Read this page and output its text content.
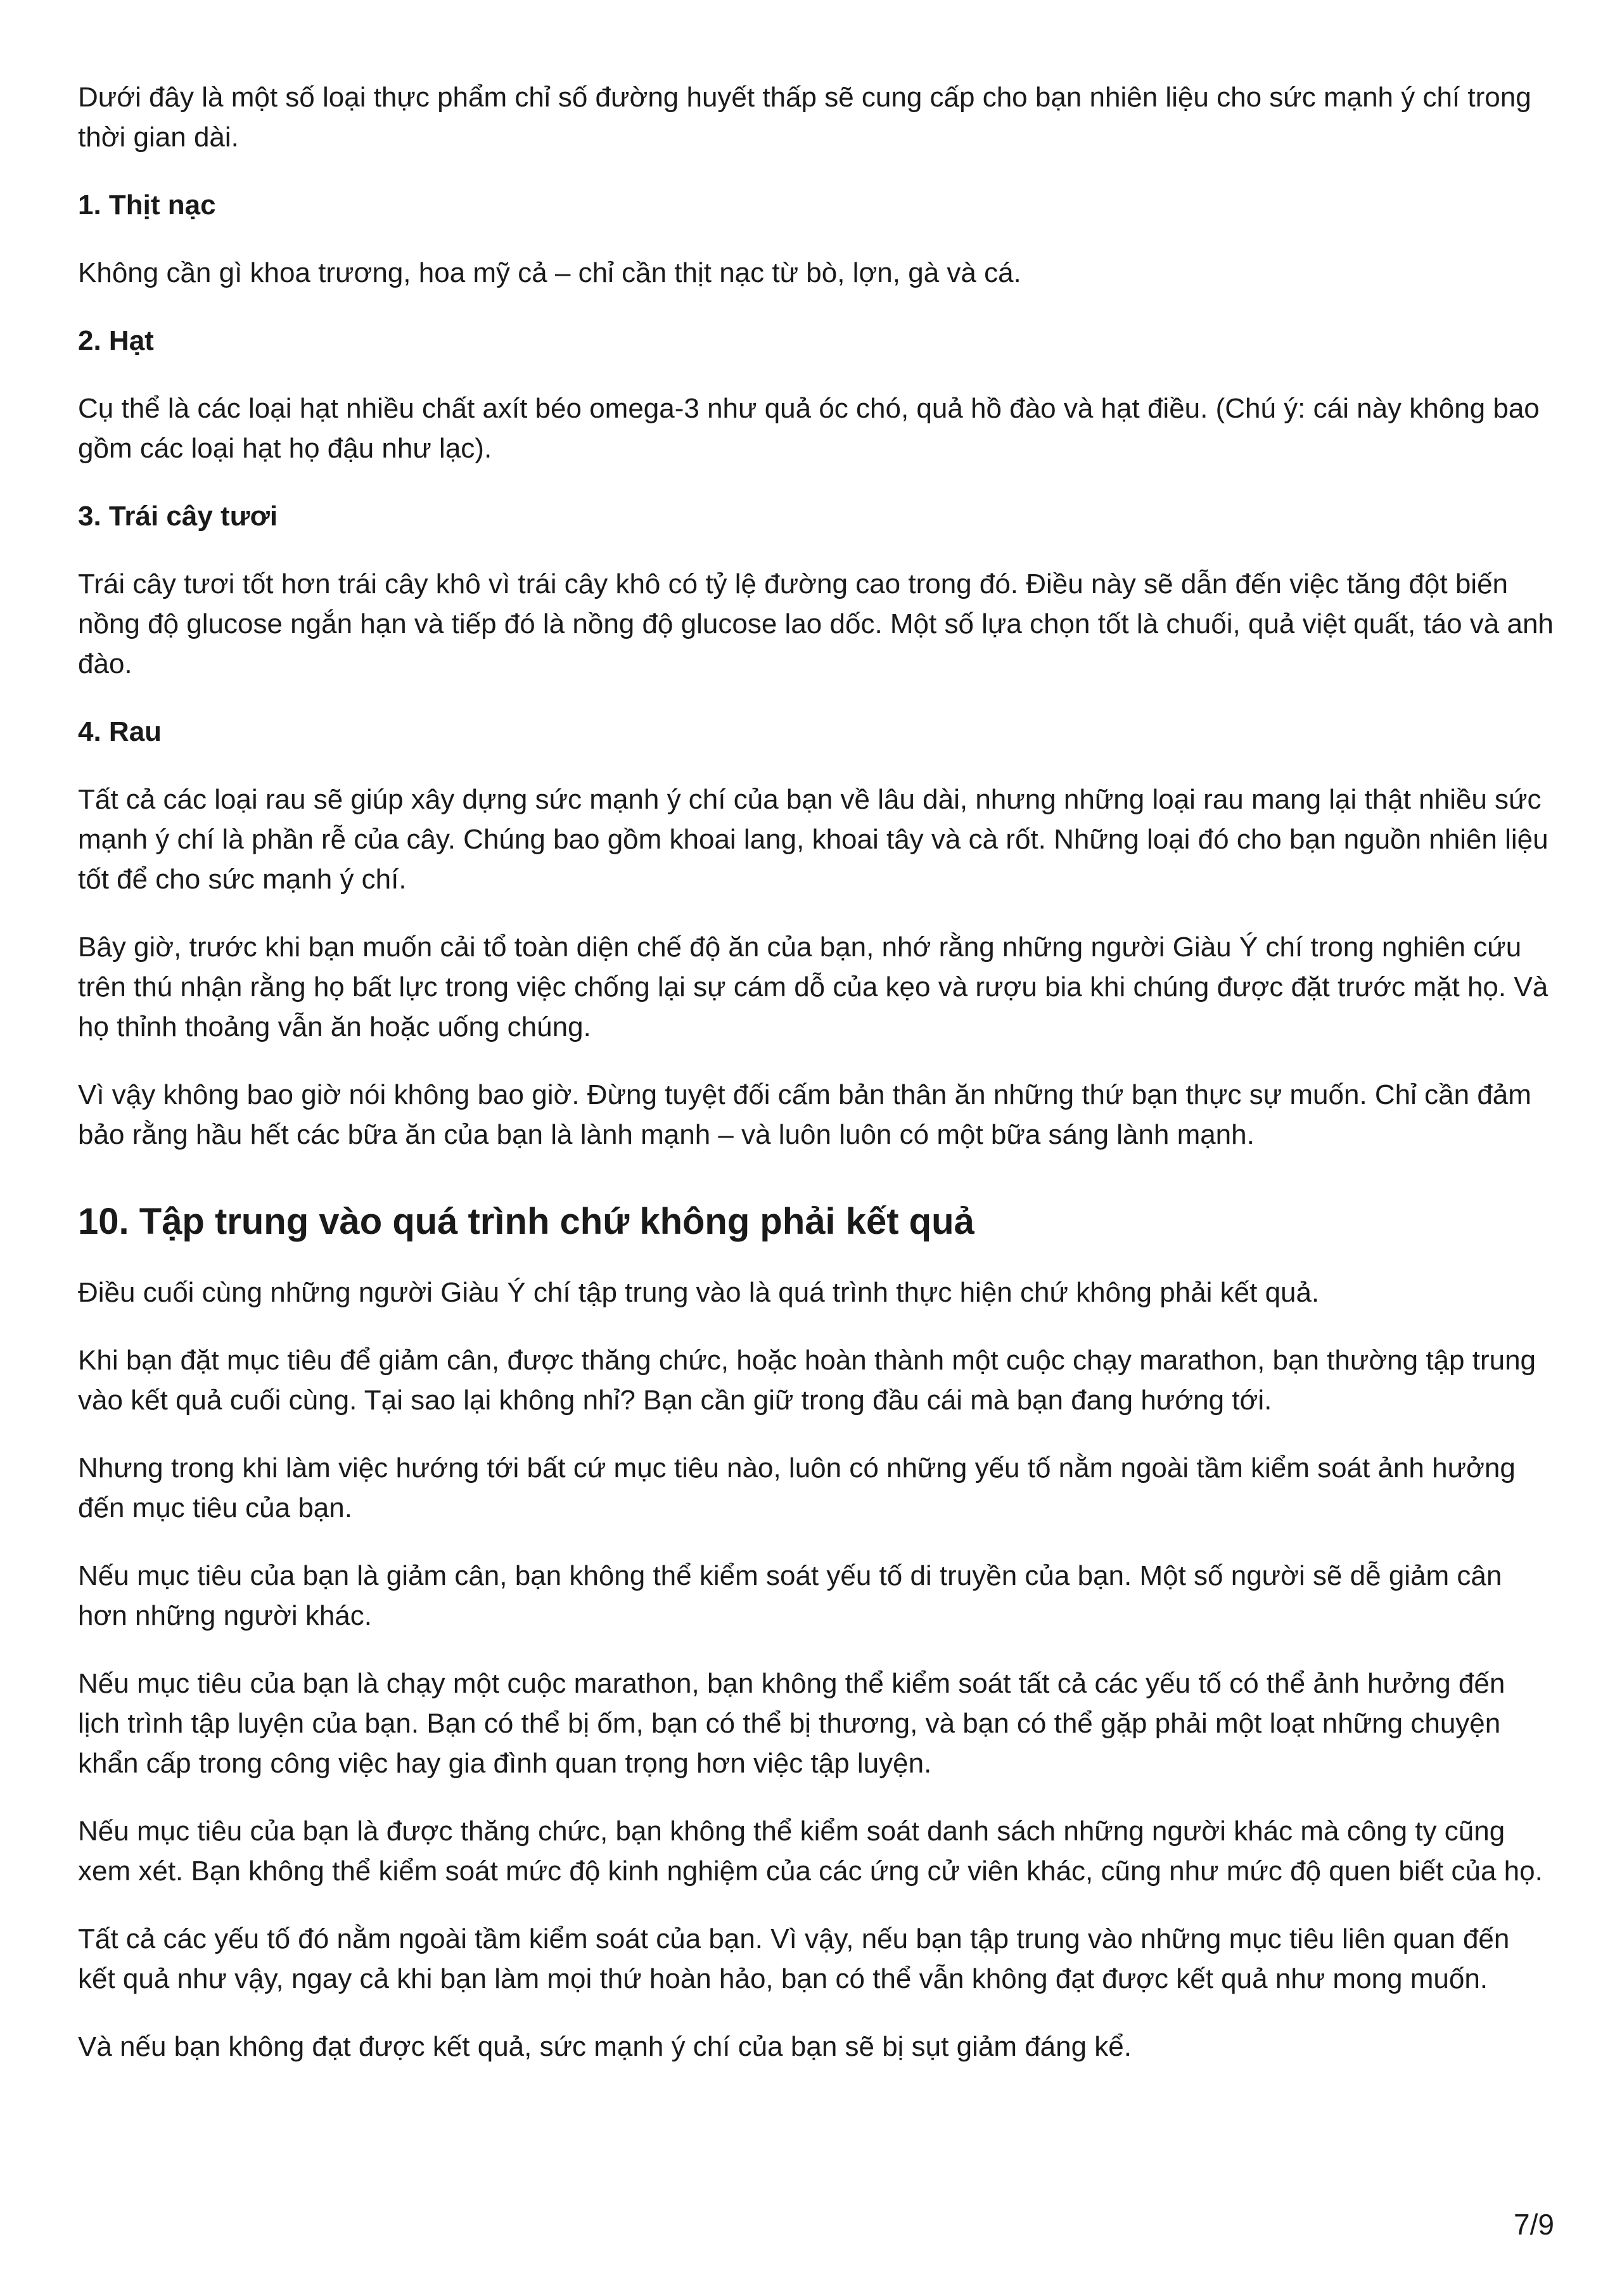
Dưới đây là một số loại thực phẩm chỉ số đường huyết thấp sẽ cung cấp cho bạn nhiên liệu cho sức mạnh ý chí trong thời gian dài.

1. Thịt nạc

Không cần gì khoa trương, hoa mỹ cả – chỉ cần thịt nạc từ bò, lợn, gà và cá.

2. Hạt

Cụ thể là các loại hạt nhiều chất axít béo omega-3 như quả óc chó, quả hồ đào và hạt điều. (Chú ý: cái này không bao gồm các loại hạt họ đậu như lạc).

3. Trái cây tươi

Trái cây tươi tốt hơn trái cây khô vì trái cây khô có tỷ lệ đường cao trong đó. Điều này sẽ dẫn đến việc tăng đột biến nồng độ glucose ngắn hạn và tiếp đó là nồng độ glucose lao dốc. Một số lựa chọn tốt là chuối, quả việt quất, táo và anh đào.

4. Rau

Tất cả các loại rau sẽ giúp xây dựng sức mạnh ý chí của bạn về lâu dài, nhưng những loại rau mang lại thật nhiều sức mạnh ý chí là phần rễ của cây. Chúng bao gồm khoai lang, khoai tây và cà rốt. Những loại đó cho bạn nguồn nhiên liệu tốt để cho sức mạnh ý chí.

Bây giờ, trước khi bạn muốn cải tổ toàn diện chế độ ăn của bạn, nhớ rằng những người Giàu Ý chí trong nghiên cứu trên thú nhận rằng họ bất lực trong việc chống lại sự cám dỗ của kẹo và rượu bia khi chúng được đặt trước mặt họ. Và họ thỉnh thoảng vẫn ăn hoặc uống chúng.

Vì vậy không bao giờ nói không bao giờ. Đừng tuyệt đối cấm bản thân ăn những thứ bạn thực sự muốn. Chỉ cần đảm bảo rằng hầu hết các bữa ăn của bạn là lành mạnh – và luôn luôn có một bữa sáng lành mạnh.

10. Tập trung vào quá trình chứ không phải kết quả

Điều cuối cùng những người Giàu Ý chí tập trung vào là quá trình thực hiện chứ không phải kết quả.

Khi bạn đặt mục tiêu để giảm cân, được thăng chức, hoặc hoàn thành một cuộc chạy marathon, bạn thường tập trung vào kết quả cuối cùng. Tại sao lại không nhỉ? Bạn cần giữ trong đầu cái mà bạn đang hướng tới.

Nhưng trong khi làm việc hướng tới bất cứ mục tiêu nào, luôn có những yếu tố nằm ngoài tầm kiểm soát ảnh hưởng đến mục tiêu của bạn.

Nếu mục tiêu của bạn là giảm cân, bạn không thể kiểm soát yếu tố di truyền của bạn. Một số người sẽ dễ giảm cân hơn những người khác.

Nếu mục tiêu của bạn là chạy một cuộc marathon, bạn không thể kiểm soát tất cả các yếu tố có thể ảnh hưởng đến lịch trình tập luyện của bạn. Bạn có thể bị ốm, bạn có thể bị thương, và bạn có thể gặp phải một loạt những chuyện khẩn cấp trong công việc hay gia đình quan trọng hơn việc tập luyện.

Nếu mục tiêu của bạn là được thăng chức, bạn không thể kiểm soát danh sách những người khác mà công ty cũng xem xét. Bạn không thể kiểm soát mức độ kinh nghiệm của các ứng cử viên khác, cũng như mức độ quen biết của họ.

Tất cả các yếu tố đó nằm ngoài tầm kiểm soát của bạn. Vì vậy, nếu bạn tập trung vào những mục tiêu liên quan đến kết quả như vậy, ngay cả khi bạn làm mọi thứ hoàn hảo, bạn có thể vẫn không đạt được kết quả như mong muốn.

Và nếu bạn không đạt được kết quả, sức mạnh ý chí của bạn sẽ bị sụt giảm đáng kể.

7/9
